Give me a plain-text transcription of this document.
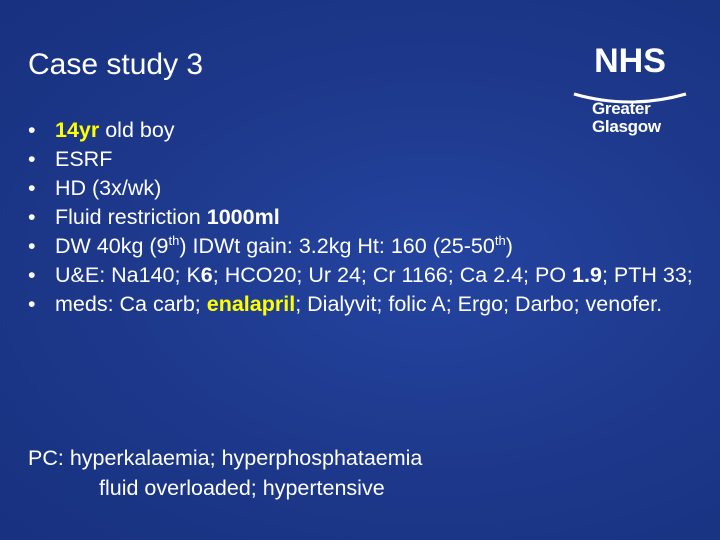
Case study 3	NHS
Greater
Glasgow
• 14yr old boy
• ESRF
• HD (3x/wk)
• Fluid restriction 1000ml
• DW 40kg (9th) IDWt gain: 3.2kg Ht: 160 (25-50th)
• U&E: Na140; K6; HCO20; Ur 24; Cr 1166; Ca 2.4; PO 1.9; PTH 33;
• meds: Ca carb; enalapril; Dialyvit; folic A; Ergo; Darbo; venofer.
PC: hyperkalaemia; hyperphosphataemia
fluid overloaded; hypertensive
